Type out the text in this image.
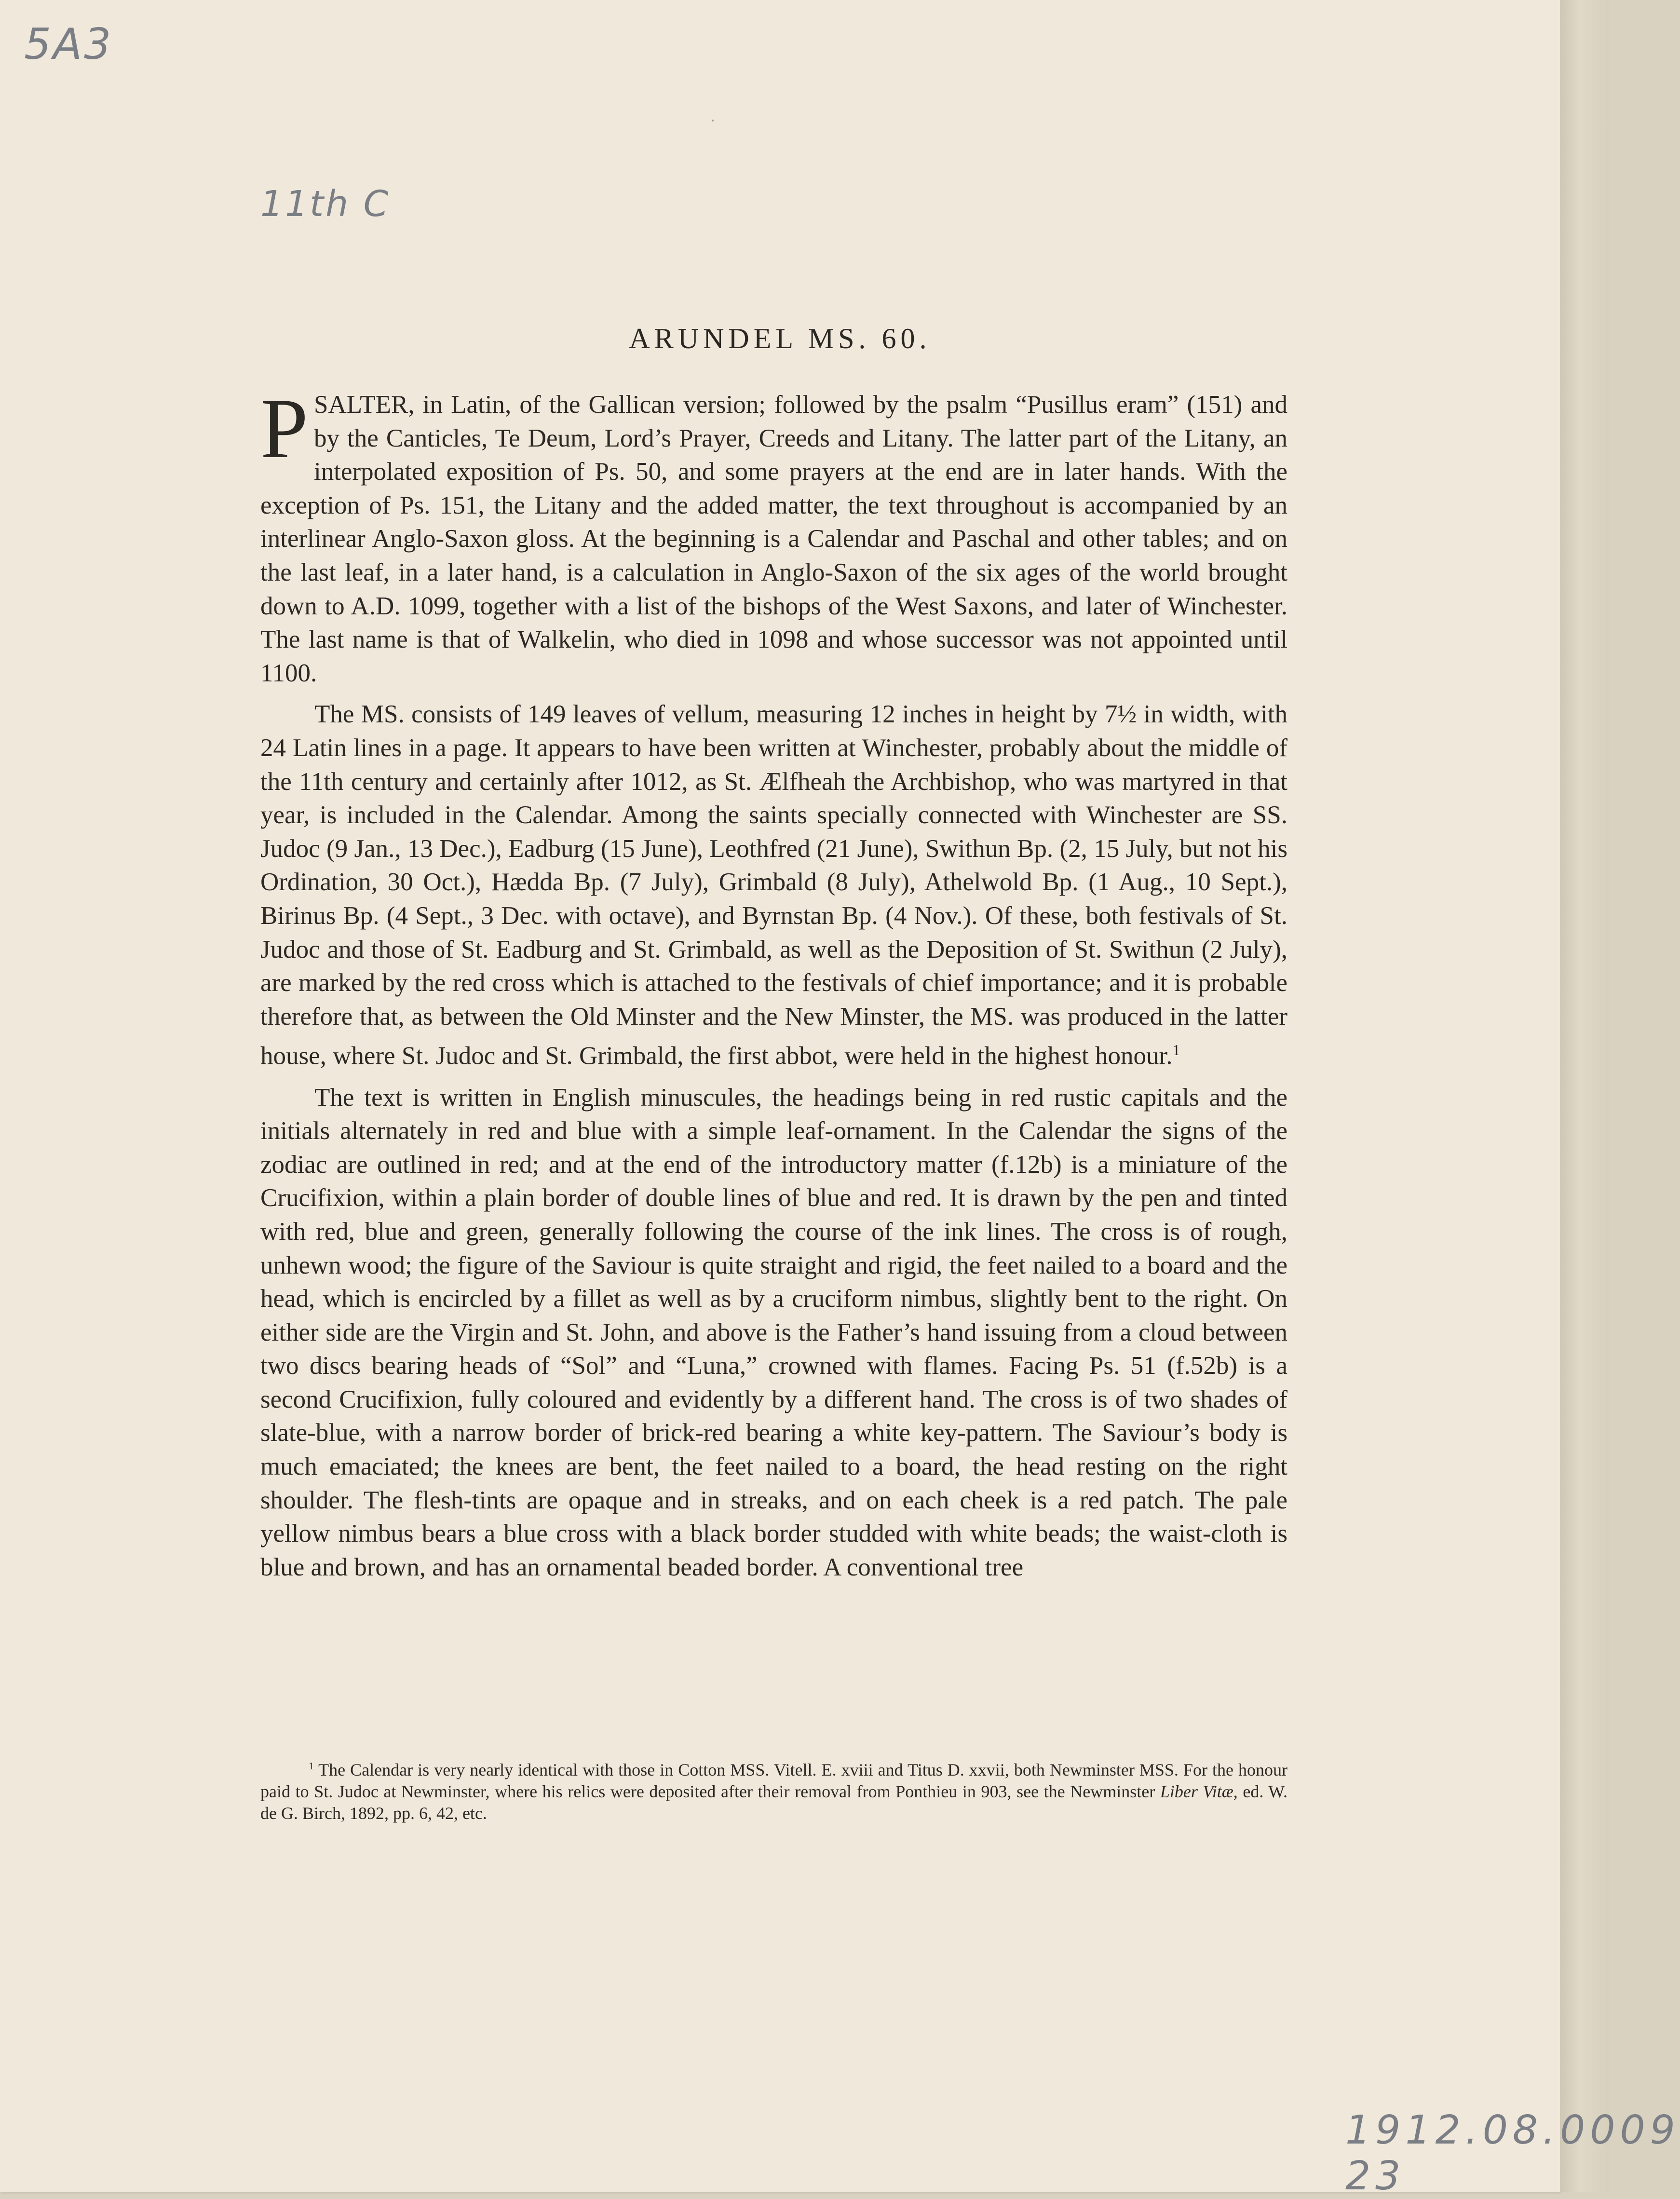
5A3
11th C
1912.08.0009 23
ARUNDEL MS. 60.

PSALTER, in Latin, of the Gallican version; followed by the psalm “Pusillus eram” (151) and by the Canticles, Te Deum, Lord’s Prayer, Creeds and Litany. The latter part of the Litany, an interpolated exposition of Ps. 50, and some prayers at the end are in later hands. With the exception of Ps. 151, the Litany and the added matter, the text throughout is accompanied by an interlinear Anglo-Saxon gloss. At the beginning is a Calendar and Paschal and other tables; and on the last leaf, in a later hand, is a calculation in Anglo-Saxon of the six ages of the world brought down to A.D. 1099, together with a list of the bishops of the West Saxons, and later of Winchester. The last name is that of Walkelin, who died in 1098 and whose successor was not appointed until 1100.

The MS. consists of 149 leaves of vellum, measuring 12 inches in height by 7½ in width, with 24 Latin lines in a page. It appears to have been written at Winchester, probably about the middle of the 11th century and certainly after 1012, as St. Ælfheah the Archbishop, who was martyred in that year, is included in the Calendar. Among the saints specially connected with Winchester are SS. Judoc (9 Jan., 13 Dec.), Eadburg (15 June), Leothfred (21 June), Swithun Bp. (2, 15 July, but not his Ordination, 30 Oct.), Hædda Bp. (7 July), Grimbald (8 July), Athelwold Bp. (1 Aug., 10 Sept.), Birinus Bp. (4 Sept., 3 Dec. with octave), and Byrnstan Bp. (4 Nov.). Of these, both festivals of St. Judoc and those of St. Eadburg and St. Grimbald, as well as the Deposition of St. Swithun (2 July), are marked by the red cross which is attached to the festivals of chief importance; and it is probable therefore that, as between the Old Minster and the New Minster, the MS. was produced in the latter house, where St. Judoc and St. Grimbald, the first abbot, were held in the highest honour.$^1$

The text is written in English minuscules, the headings being in red rustic capitals and the initials alternately in red and blue with a simple leaf-ornament. In the Calendar the signs of the zodiac are outlined in red; and at the end of the introductory matter (f.12b) is a miniature of the Crucifixion, within a plain border of double lines of blue and red. It is drawn by the pen and tinted with red, blue and green, generally following the course of the ink lines. The cross is of rough, unhewn wood; the figure of the Saviour is quite straight and rigid, the feet nailed to a board and the head, which is encircled by a fillet as well as by a cruciform nimbus, slightly bent to the right. On either side are the Virgin and St. John, and above is the Father’s hand issuing from a cloud between two discs bearing heads of “Sol” and “Luna,” crowned with flames. Facing Ps. 51 (f.52b) is a second Crucifixion, fully coloured and evidently by a different hand. The cross is of two shades of slate-blue, with a narrow border of brick-red bearing a white key-pattern. The Saviour’s body is much emaciated; the knees are bent, the feet nailed to a board, the head resting on the right shoulder. The flesh-tints are opaque and in streaks, and on each cheek is a red patch. The pale yellow nimbus bears a blue cross with a black border studded with white beads; the waist-cloth is blue and brown, and has an ornamental beaded border. A conventional tree

$^1$ The Calendar is very nearly identical with those in Cotton MSS. Vitell. E. xviii and Titus D. xxvii, both Newminster MSS. For the honour paid to St. Judoc at Newminster, where his relics were deposited after their removal from Ponthieu in 903, see the Newminster Liber Vitæ, ed. W. de G. Birch, 1892, pp. 6, 42, etc.
